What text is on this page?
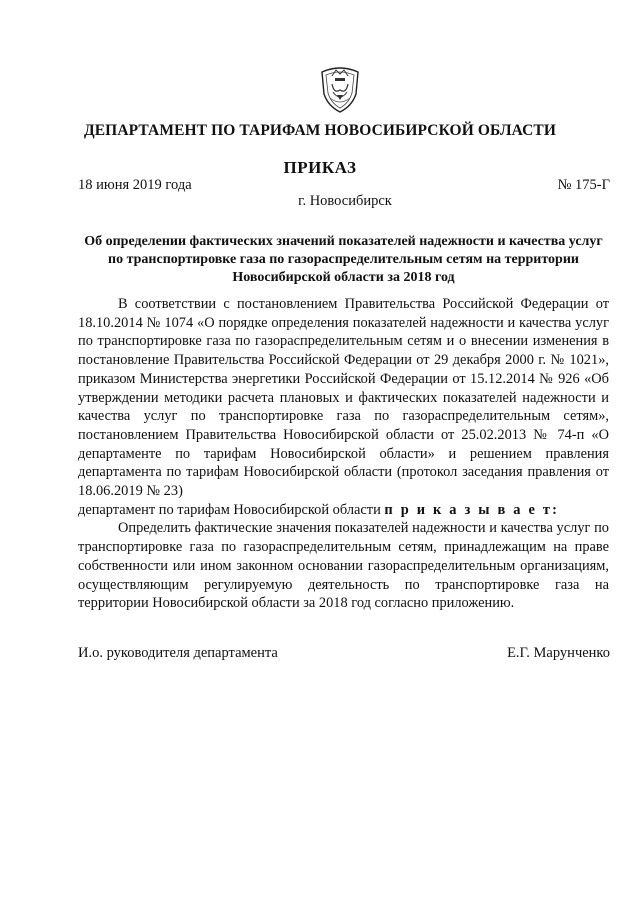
ДЕПАРТАМЕНТ ПО ТАРИФАМ НОВОСИБИРСКОЙ ОБЛАСТИ
ПРИКАЗ
18 июня 2019 года	№ 175-Г
г. Новосибирск
Об определении фактических значений показателей надежности и качества услуг по транспортировке газа по газораспределительным сетям на территории Новосибирской области за 2018 год

В соответствии с постановлением Правительства Российской Федерации от 18.10.2014 № 1074 «О порядке определения показателей надежности и качества услуг по транспортировке газа по газораспределительным сетям и о внесении изменения в постановление Правительства Российской Федерации от 29 декабря 2000 г. № 1021», приказом Министерства энергетики Российской Федерации от 15.12.2014 № 926 «Об утверждении методики расчета плановых и фактических показателей надежности и качества услуг по транспортировке газа по газораспределительным сетям», постановлением Правительства Новосибирской области от 25.02.2013 № 74-п «О департаменте по тарифам Новосибирской области» и решением правления департамента по тарифам Новосибирской области (протокол заседания правления от 18.06.2019 № 23)

департамент по тарифам Новосибирской области п р и к а з ы в а е т:

Определить фактические значения показателей надежности и качества услуг по транспортировке газа по газораспределительным сетям, принадлежащим на праве собственности или ином законном основании газораспределительным организациям, осуществляющим регулируемую деятельность по транспортировке газа на территории Новосибирской области за 2018 год согласно приложению.

И.о. руководителя департамента	Е.Г. Марунченко
